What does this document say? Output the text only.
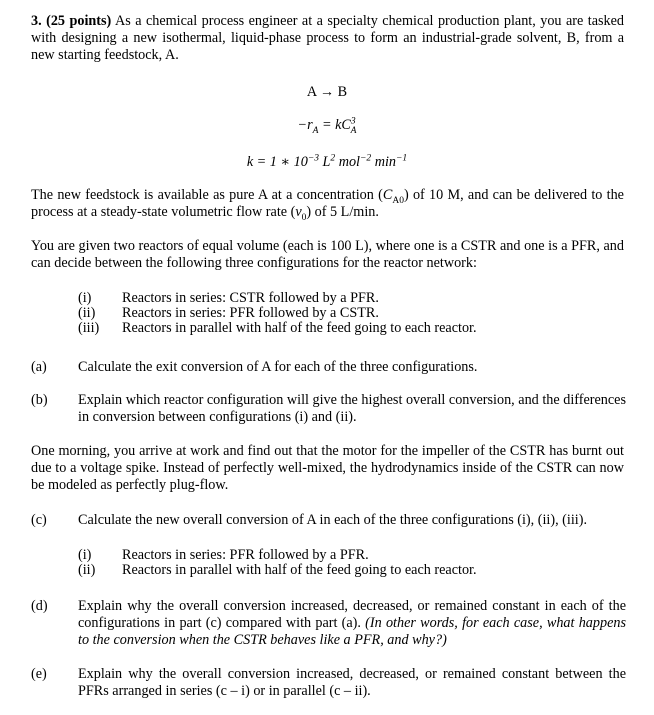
3. (25 points) As a chemical process engineer at a specialty chemical production plant, you are tasked with designing a new isothermal, liquid-phase process to form an industrial-grade solvent, B, from a new starting feedstock, A.

A → B
$-r_A = kC^3_A$
k = 1 ∗ $10^{-3}$ $L^2$ mol$^{-2}$ $\min^{-1}$

The new feedstock is available as pure A at a concentration $(C_{A0})$ of 10 M, and can be delivered to the process at a steady-state volumetric flow rate $(v_0)$ of 5 L/min.

You are given two reactors of equal volume (each is 100 L), where one is a CSTR and one is a PFR, and can decide between the following three configurations for the reactor network:

(i) Reactors in series: CSTR followed by a PFR.
(ii) Reactors in series: PFR followed by a CSTR.
(iii) Reactors in parallel with half of the feed going to each reactor.
(a) Calculate the exit conversion of A for each of the three configurations.

(b) Explain which reactor configuration will give the highest overall conversion, and the differences in conversion between configurations (i) and (ii).

One morning, you arrive at work and find out that the motor for the impeller of the CSTR has burnt out due to a voltage spike. Instead of perfectly well-mixed, the hydrodynamics inside of the CSTR can now be modeled as perfectly plug-flow.

(c) Calculate the new overall conversion of A in each of the three configurations (i), (ii), (iii).

(i) Reactors in series: PFR followed by a PFR.
(ii) Reactors in parallel with half of the feed going to each reactor.
(d) Explain why the overall conversion increased, decreased, or remained constant in each of the configurations in part (c) compared with part (a). (In other words, for each case, what happens to the conversion when the CSTR behaves like a PFR, and why?)

(e) Explain why the overall conversion increased, decreased, or remained constant between the PFRs arranged in series (c – i) or in parallel (c – ii).
